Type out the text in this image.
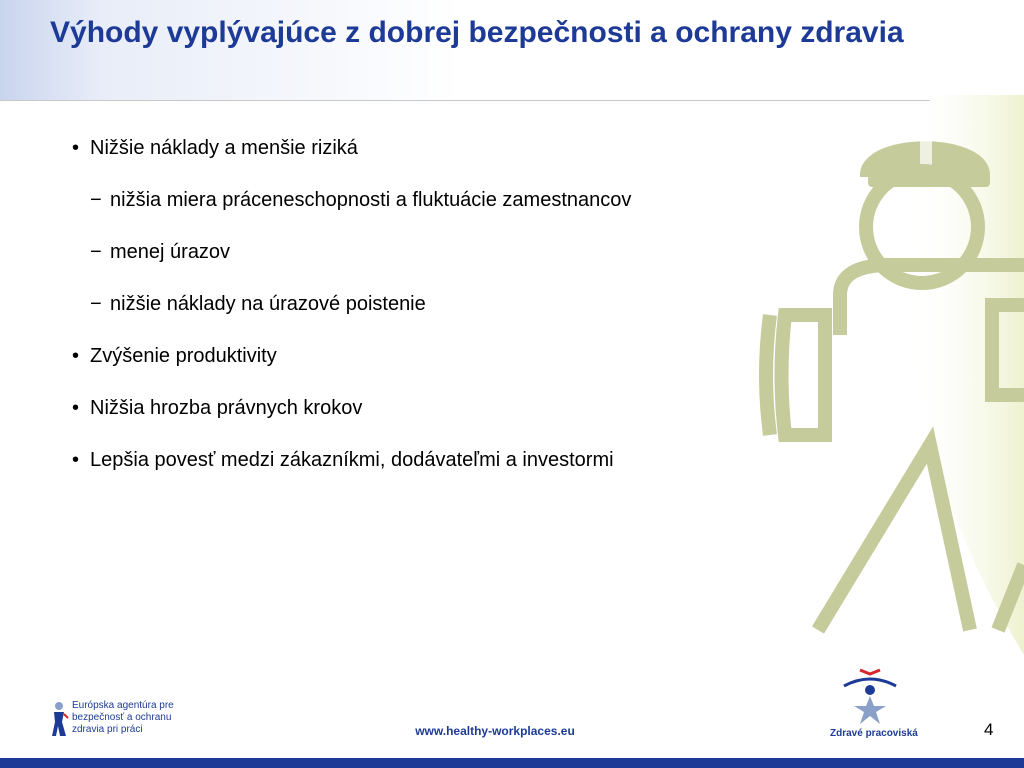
Výhody vyplývajúce z dobrej bezpečnosti a ochrany zdravia
• Nižšie náklady a menšie riziká
− nižšia miera práceneschopnosti a fluktuácie zamestnancov
− menej úrazov
− nižšie náklady na úrazové poistenie
• Zvýšenie produktivity
• Nižšia hrozba právnych krokov
• Lepšia povesť medzi zákazníkmi, dodávateľmi a investormi
Európska agentúra pre
bezpečnosť a ochranu
zdravia pri práci	www.healthy-workplaces.eu	Zdravé pracoviská	4
